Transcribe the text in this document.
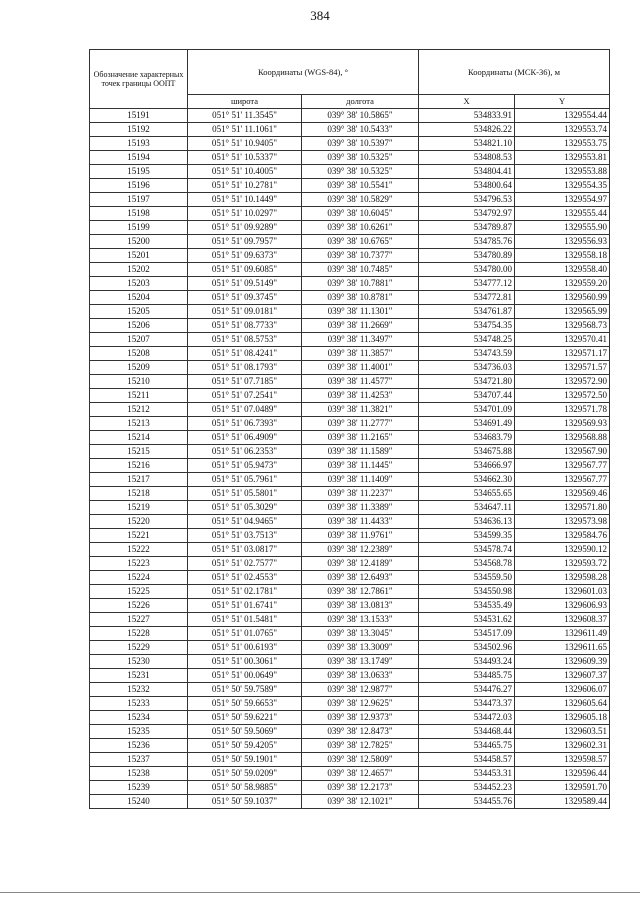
384
Обозначение характерных точек границы ООПТ	Координаты (WGS-84), °		Координаты (МСК-36), м	
	широта	долгота	X	Y
15191	051° 51' 11.3545"	039° 38' 10.5865"	534833.91	1329554.44
15192	051° 51' 11.1061"	039° 38' 10.5433"	534826.22	1329553.74
15193	051° 51' 10.9405"	039° 38' 10.5397"	534821.10	1329553.75
15194	051° 51' 10.5337"	039° 38' 10.5325"	534808.53	1329553.81
15195	051° 51' 10.4005"	039° 38' 10.5325"	534804.41	1329553.88
15196	051° 51' 10.2781"	039° 38' 10.5541"	534800.64	1329554.35
15197	051° 51' 10.1449"	039° 38' 10.5829"	534796.53	1329554.97
15198	051° 51' 10.0297"	039° 38' 10.6045"	534792.97	1329555.44
15199	051° 51' 09.9289"	039° 38' 10.6261"	534789.87	1329555.90
15200	051° 51' 09.7957"	039° 38' 10.6765"	534785.76	1329556.93
15201	051° 51' 09.6373"	039° 38' 10.7377"	534780.89	1329558.18
15202	051° 51' 09.6085"	039° 38' 10.7485"	534780.00	1329558.40
15203	051° 51' 09.5149"	039° 38' 10.7881"	534777.12	1329559.20
15204	051° 51' 09.3745"	039° 38' 10.8781"	534772.81	1329560.99
15205	051° 51' 09.0181"	039° 38' 11.1301"	534761.87	1329565.99
15206	051° 51' 08.7733"	039° 38' 11.2669"	534754.35	1329568.73
15207	051° 51' 08.5753"	039° 38' 11.3497"	534748.25	1329570.41
15208	051° 51' 08.4241"	039° 38' 11.3857"	534743.59	1329571.17
15209	051° 51' 08.1793"	039° 38' 11.4001"	534736.03	1329571.57
15210	051° 51' 07.7185"	039° 38' 11.4577"	534721.80	1329572.90
15211	051° 51' 07.2541"	039° 38' 11.4253"	534707.44	1329572.50
15212	051° 51' 07.0489"	039° 38' 11.3821"	534701.09	1329571.78
15213	051° 51' 06.7393"	039° 38' 11.2777"	534691.49	1329569.93
15214	051° 51' 06.4909"	039° 38' 11.2165"	534683.79	1329568.88
15215	051° 51' 06.2353"	039° 38' 11.1589"	534675.88	1329567.90
15216	051° 51' 05.9473"	039° 38' 11.1445"	534666.97	1329567.77
15217	051° 51' 05.7961"	039° 38' 11.1409"	534662.30	1329567.77
15218	051° 51' 05.5801"	039° 38' 11.2237"	534655.65	1329569.46
15219	051° 51' 05.3029"	039° 38' 11.3389"	534647.11	1329571.80
15220	051° 51' 04.9465"	039° 38' 11.4433"	534636.13	1329573.98
15221	051° 51' 03.7513"	039° 38' 11.9761"	534599.35	1329584.76
15222	051° 51' 03.0817"	039° 38' 12.2389"	534578.74	1329590.12
15223	051° 51' 02.7577"	039° 38' 12.4189"	534568.78	1329593.72
15224	051° 51' 02.4553"	039° 38' 12.6493"	534559.50	1329598.28
15225	051° 51' 02.1781"	039° 38' 12.7861"	534550.98	1329601.03
15226	051° 51' 01.6741"	039° 38' 13.0813"	534535.49	1329606.93
15227	051° 51' 01.5481"	039° 38' 13.1533"	534531.62	1329608.37
15228	051° 51' 01.0765"	039° 38' 13.3045"	534517.09	1329611.49
15229	051° 51' 00.6193"	039° 38' 13.3009"	534502.96	1329611.65
15230	051° 51' 00.3061"	039° 38' 13.1749"	534493.24	1329609.39
15231	051° 51' 00.0649"	039° 38' 13.0633"	534485.75	1329607.37
15232	051° 50' 59.7589"	039° 38' 12.9877"	534476.27	1329606.07
15233	051° 50' 59.6653"	039° 38' 12.9625"	534473.37	1329605.64
15234	051° 50' 59.6221"	039° 38' 12.9373"	534472.03	1329605.18
15235	051° 50' 59.5069"	039° 38' 12.8473"	534468.44	1329603.51
15236	051° 50' 59.4205"	039° 38' 12.7825"	534465.75	1329602.31
15237	051° 50' 59.1901"	039° 38' 12.5809"	534458.57	1329598.57
15238	051° 50' 59.0209"	039° 38' 12.4657"	534453.31	1329596.44
15239	051° 50' 58.9885"	039° 38' 12.2173"	534452.23	1329591.70
15240	051° 50' 59.1037"	039° 38' 12.1021"	534455.76	1329589.44
